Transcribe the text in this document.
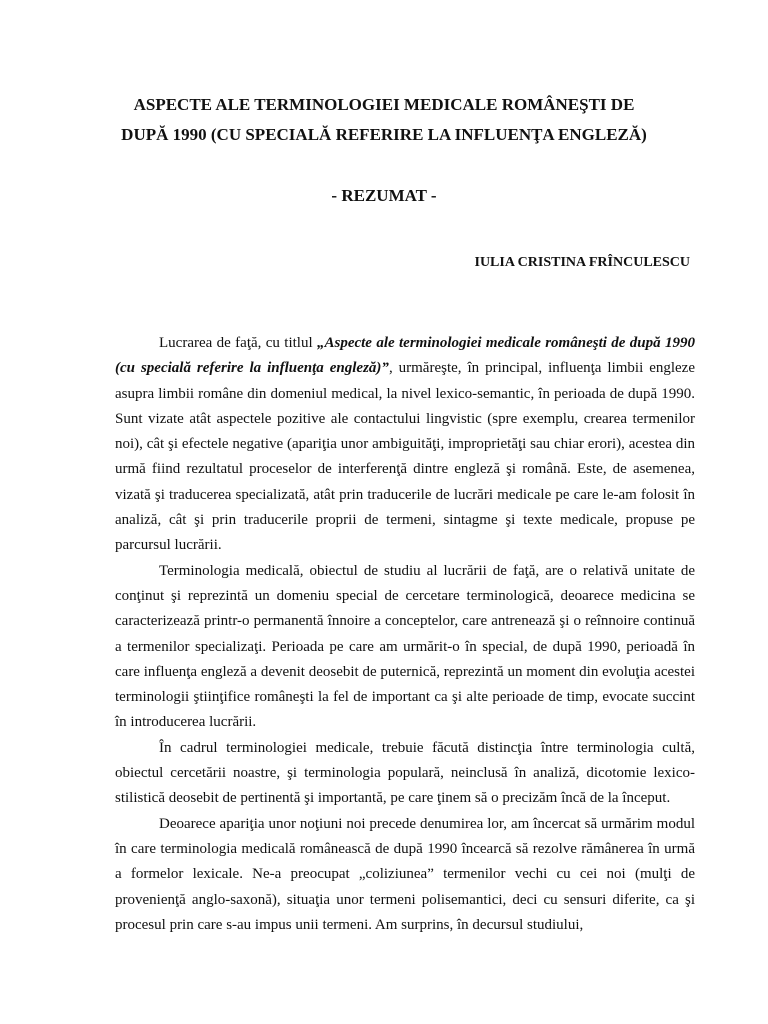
ASPECTE ALE TERMINOLOGIEI MEDICALE ROMÂNEŞTI DE
DUPĂ 1990 (CU SPECIALĂ REFERIRE LA INFLUENŢA ENGLEZĂ)
- REZUMAT -
IULIA CRISTINA FRÎNCULESCU

Lucrarea de faţă, cu titlul „Aspecte ale terminologiei medicale româneşti de după 1990 (cu specială referire la influenţa engleză)”, urmăreşte, în principal, influenţa limbii engleze asupra limbii române din domeniul medical, la nivel lexico-semantic, în perioada de după 1990. Sunt vizate atât aspectele pozitive ale contactului lingvistic (spre exemplu, crearea termenilor noi), cât şi efectele negative (apariţia unor ambiguităţi, improprietăţi sau chiar erori), acestea din urmă fiind rezultatul proceselor de interferenţă dintre engleză şi română. Este, de asemenea, vizată şi traducerea specializată, atât prin traducerile de lucrări medicale pe care le-am folosit în analiză, cât şi prin traducerile proprii de termeni, sintagme şi texte medicale, propuse pe parcursul lucrării.

Terminologia medicală, obiectul de studiu al lucrării de faţă, are o relativă unitate de conţinut şi reprezintă un domeniu special de cercetare terminologică, deoarece medicina se caracterizează printr-o permanentă înnoire a conceptelor, care antrenează şi o reînnoire continuă a termenilor specializaţi. Perioada pe care am urmărit-o în special, de după 1990, perioadă în care influenţa engleză a devenit deosebit de puternică, reprezintă un moment din evoluţia acestei terminologii ştiinţifice româneşti la fel de important ca şi alte perioade de timp, evocate succint în introducerea lucrării.

În cadrul terminologiei medicale, trebuie făcută distincţia între terminologia cultă, obiectul cercetării noastre, şi terminologia populară, neinclusă în analiză, dicotomie lexico-stilistică deosebit de pertinentă şi importantă, pe care ţinem să o precizăm încă de la început.

Deoarece apariţia unor noţiuni noi precede denumirea lor, am încercat să urmărim modul în care terminologia medicală românească de după 1990 încearcă să rezolve rămânerea în urmă a formelor lexicale. Ne-a preocupat „coliziunea” termenilor vechi cu cei noi (mulţi de provenienţă anglo-saxonă), situaţia unor termeni polisemantici, deci cu sensuri diferite, ca şi procesul prin care s-au impus unii termeni. Am surprins, în decursul studiului,
